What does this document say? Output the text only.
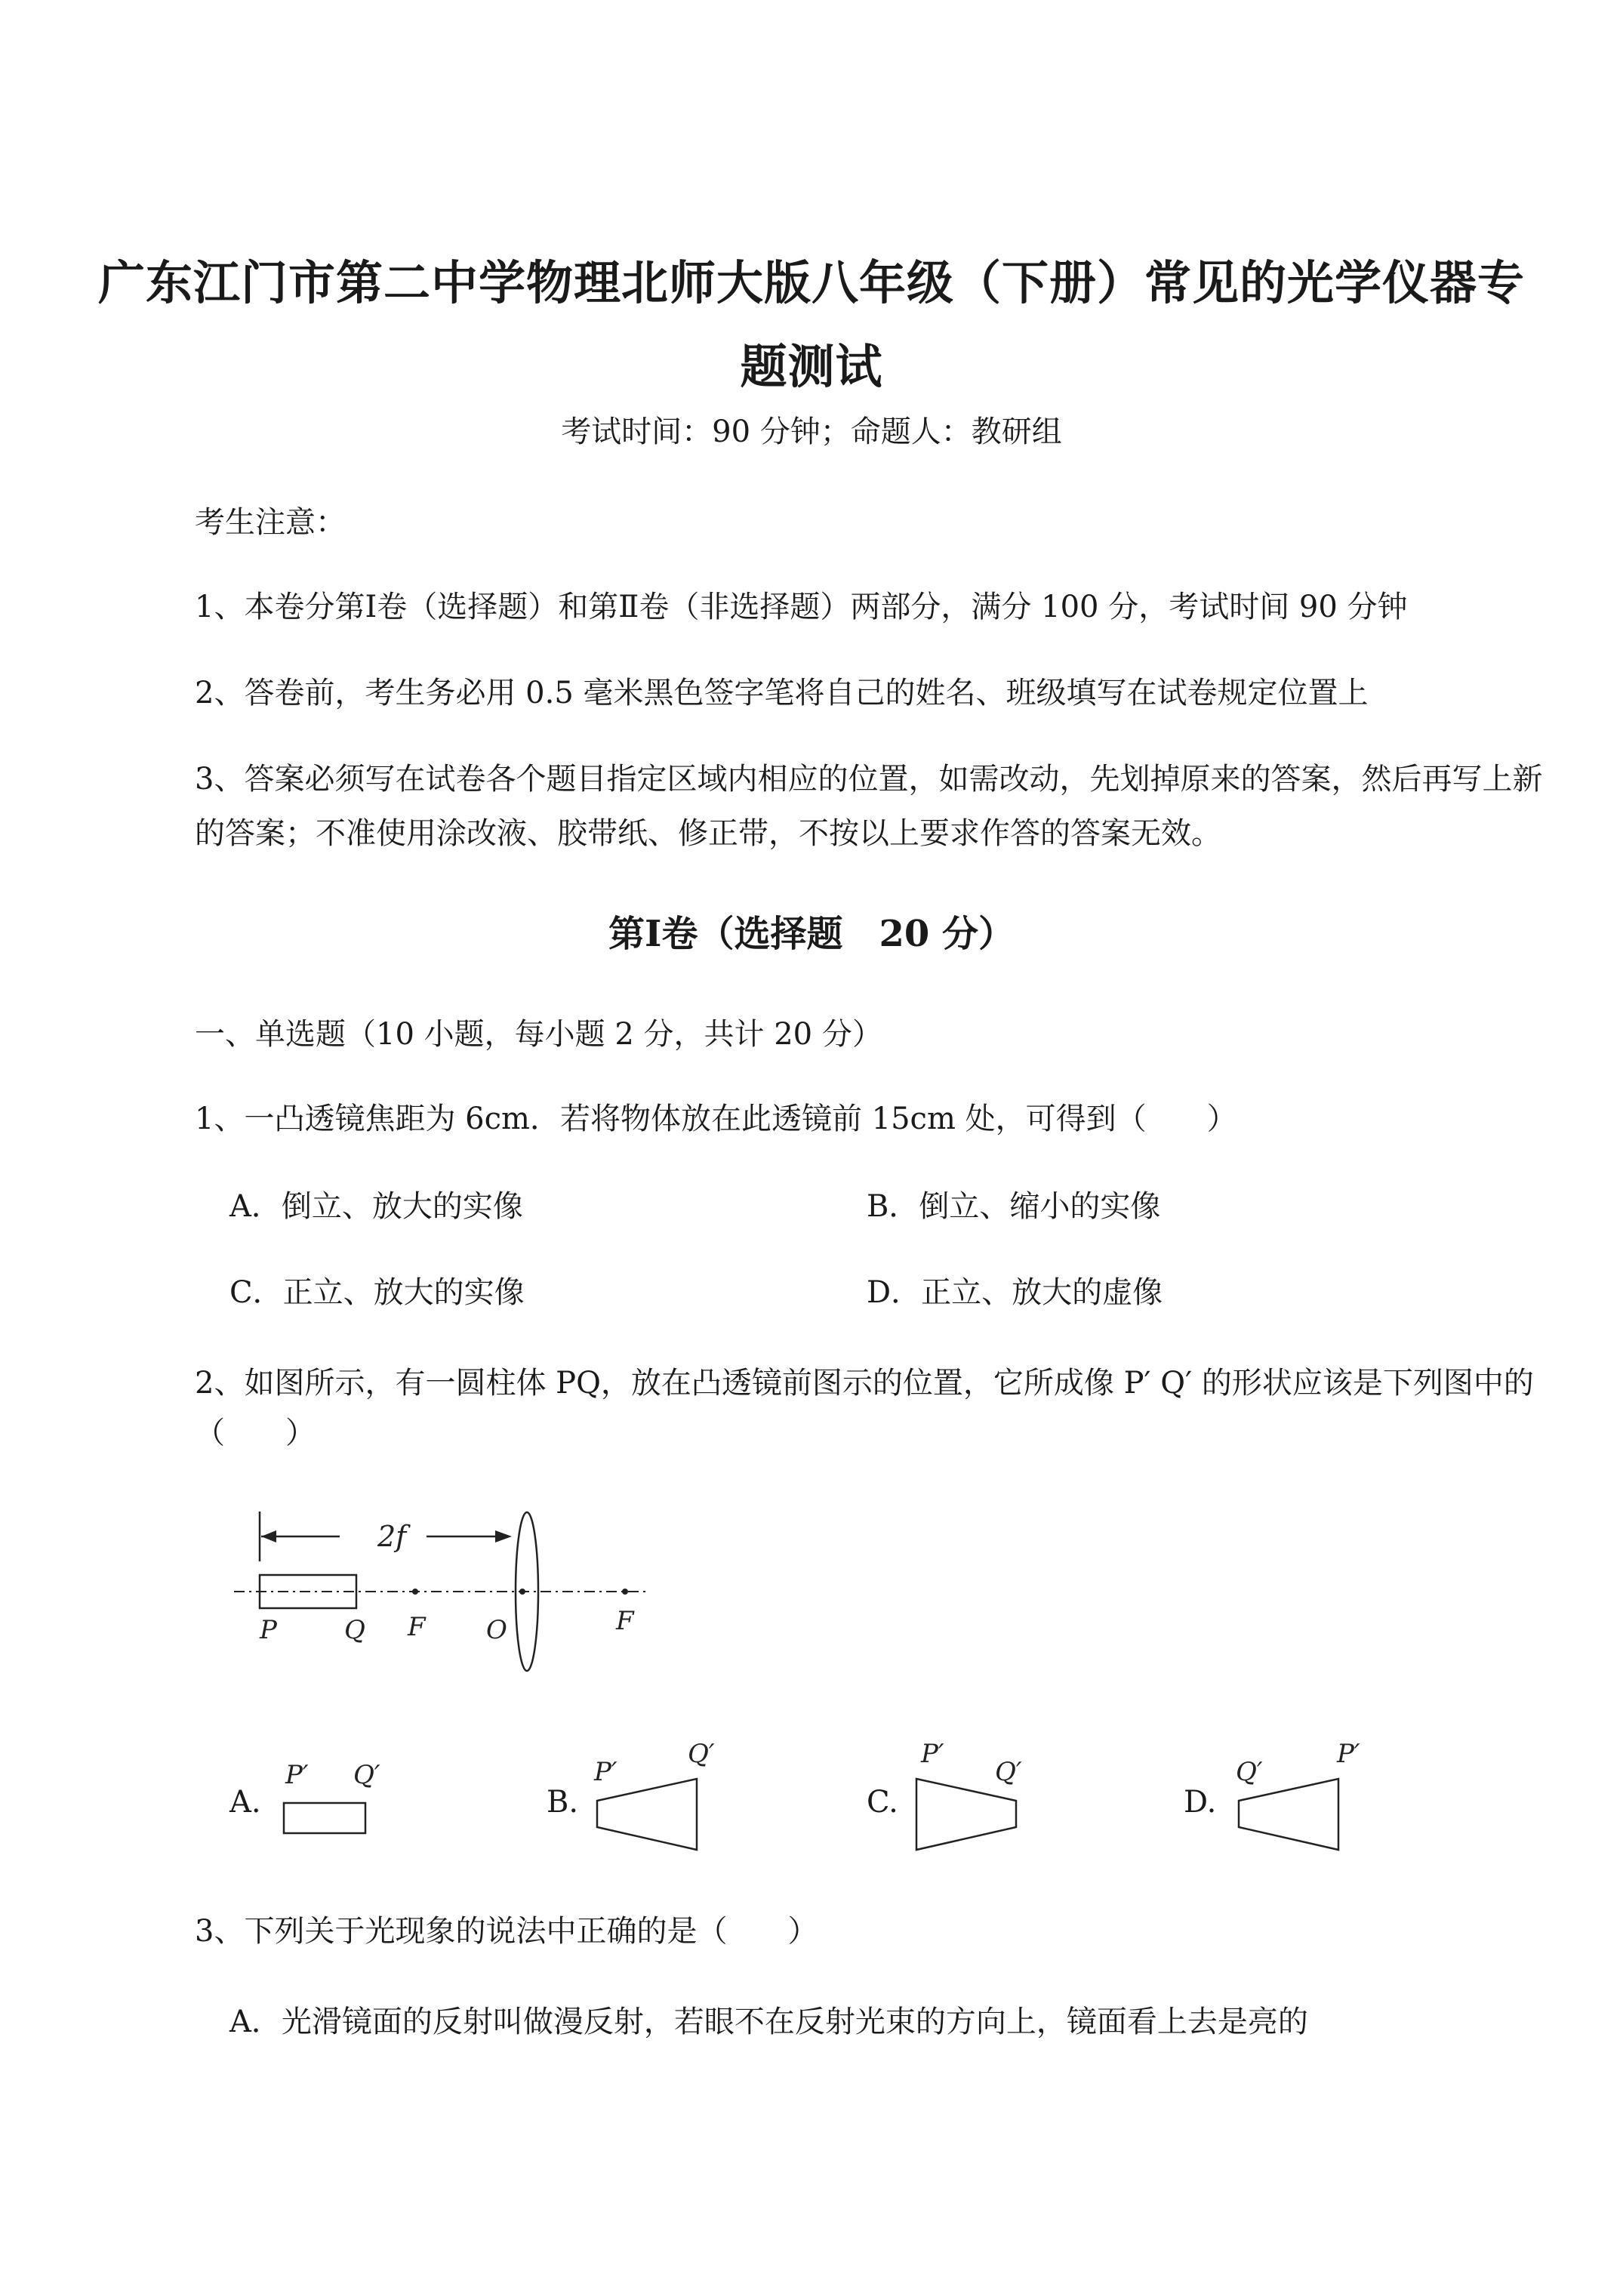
广东江门市第二中学物理北师大版八年级（下册）常见的光学仪器专
题测试
考试时间：90 分钟；命题人：教研组
考生注意：
1、本卷分第Ⅰ卷（选择题）和第Ⅱ卷（非选择题）两部分，满分 100 分，考试时间 90 分钟
2、答卷前，考生务必用 0.5 毫米黑色签字笔将自己的姓名、班级填写在试卷规定位置上
3、答案必须写在试卷各个题目指定区域内相应的位置，如需改动，先划掉原来的答案，然后再写上新
的答案；不准使用涂改液、胶带纸、修正带，不按以上要求作答的答案无效。
第Ⅰ卷（选择题　20 分）
一、单选题（10 小题，每小题 2 分，共计 20 分）
1、一凸透镜焦距为 6cm．若将物体放在此透镜前 15cm 处，可得到（　　）
A．倒立、放大的实像	B．倒立、缩小的实像
C．正立、放大的实像	D．正立、放大的虚像
2、如图所示，有一圆柱体 PQ，放在凸透镜前图示的位置，它所成像 P′ Q′ 的形状应该是下列图中的
（　　）
2f
P	Q F O	F
A.
P′ Q′
B.
P′
Q′
C.
P′
Q′
D.
Q′
P′
3、下列关于光现象的说法中正确的是（　　）
A．光滑镜面的反射叫做漫反射，若眼不在反射光束的方向上，镜面看上去是亮的
